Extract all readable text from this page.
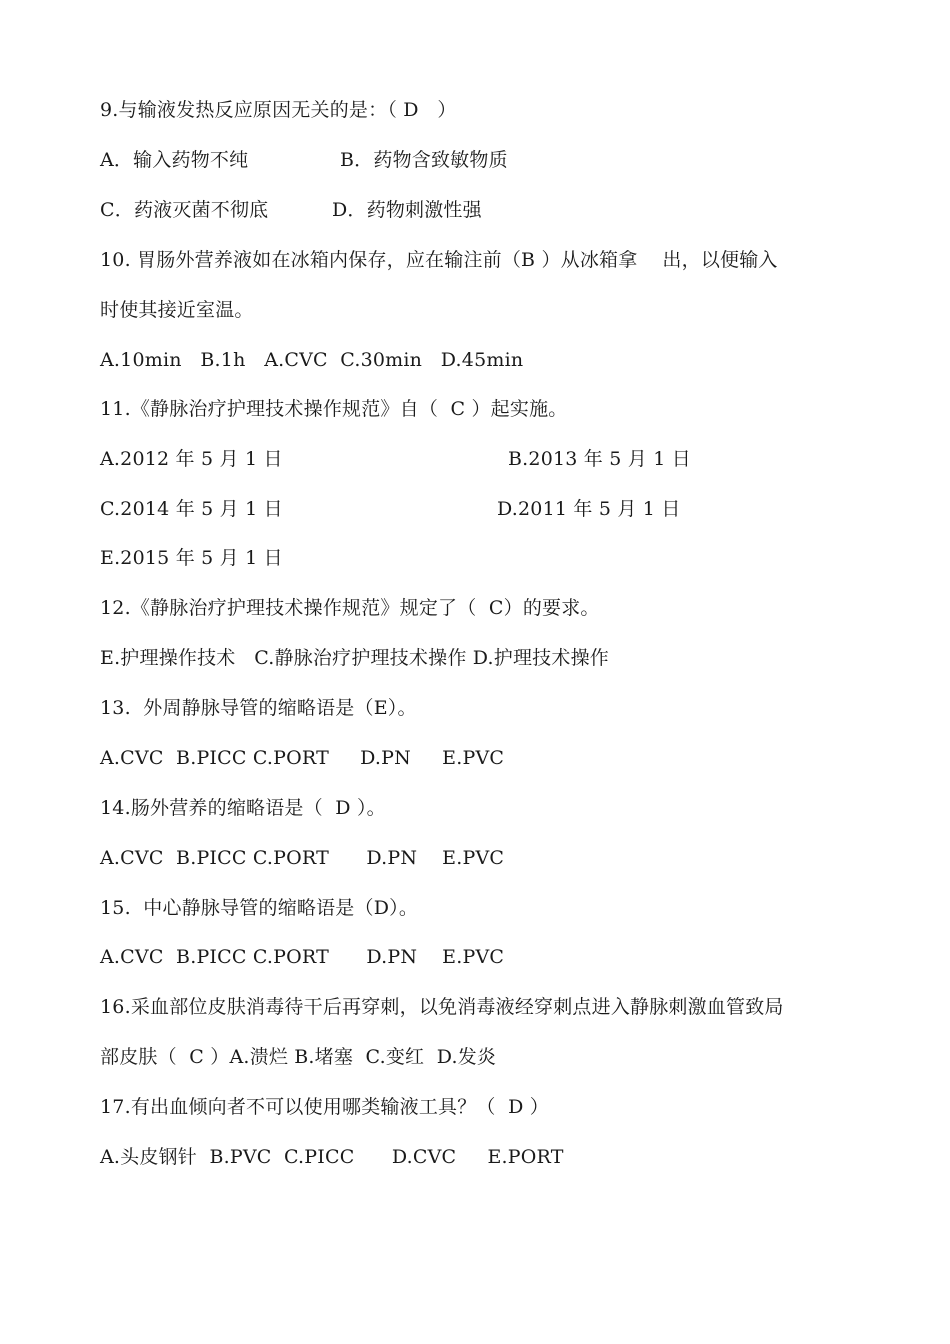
9.与输液发热反应原因无关的是：（ D   ）
A．输入药物不纯	B．药物含致敏物质
C．药液灭菌不彻底	D．药物刺激性强
10. 胃肠外营养液如在冰箱内保存，应在输注前（B ）从冰箱拿    出，以便输入
时使其接近室温。
A.10min   B.1h   A.CVC  C.30min   D.45min
11.《静脉治疗护理技术操作规范》自（  C ）起实施。
A.2012 年 5 月 1 日	B.2013 年 5 月 1 日
C.2014 年 5 月 1 日	D.2011 年 5 月 1 日
E.2015 年 5 月 1 日
12.《静脉治疗护理技术操作规范》规定了（  C）的要求。
E.护理操作技术   C.静脉治疗护理技术操作 D.护理技术操作
13.  外周静脉导管的缩略语是（E）。
A.CVC  B.PICC C.PORT     D.PN     E.PVC
14.肠外营养的缩略语是（  D ）。
A.CVC  B.PICC C.PORT      D.PN    E.PVC
15.  中心静脉导管的缩略语是（D）。
A.CVC  B.PICC C.PORT      D.PN    E.PVC
16.采血部位皮肤消毒待干后再穿刺，以免消毒液经穿刺点进入静脉刺激血管致局
部皮肤（  C ）A.溃烂 B.堵塞  C.变红  D.发炎
17.有出血倾向者不可以使用哪类输液工具？（  D ）
A.头皮钢针  B.PVC  C.PICC      D.CVC     E.PORT
